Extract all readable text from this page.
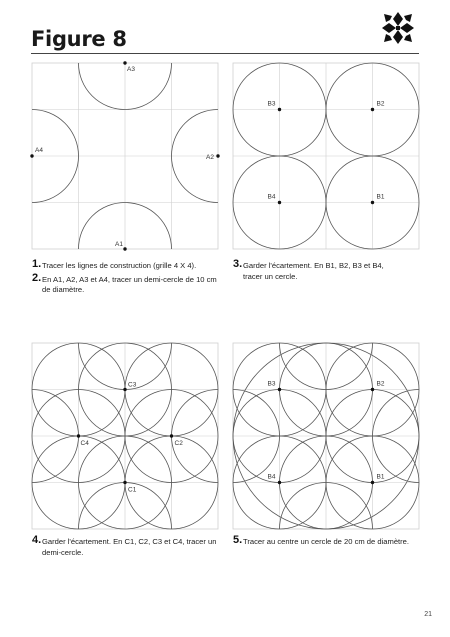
Figure 8
A3
A1
A4
A2
B3	B2
B4	B1
C3
C1
C4	C2
B3	B2
B4	B1
1. Tracer les lignes de construction (grille 4 X 4).
2. En A1, A2, A3 et A4, tracer un demi-cercle de 10 cm de diamètre.
3. Garder l'écartement. En B1, B2, B3 et B4, tracer un cercle.
4. Garder l'écartement. En C1, C2, C3 et C4, tracer un demi-cercle.
5. Tracer au centre un cercle de 20 cm de diamètre.
21
